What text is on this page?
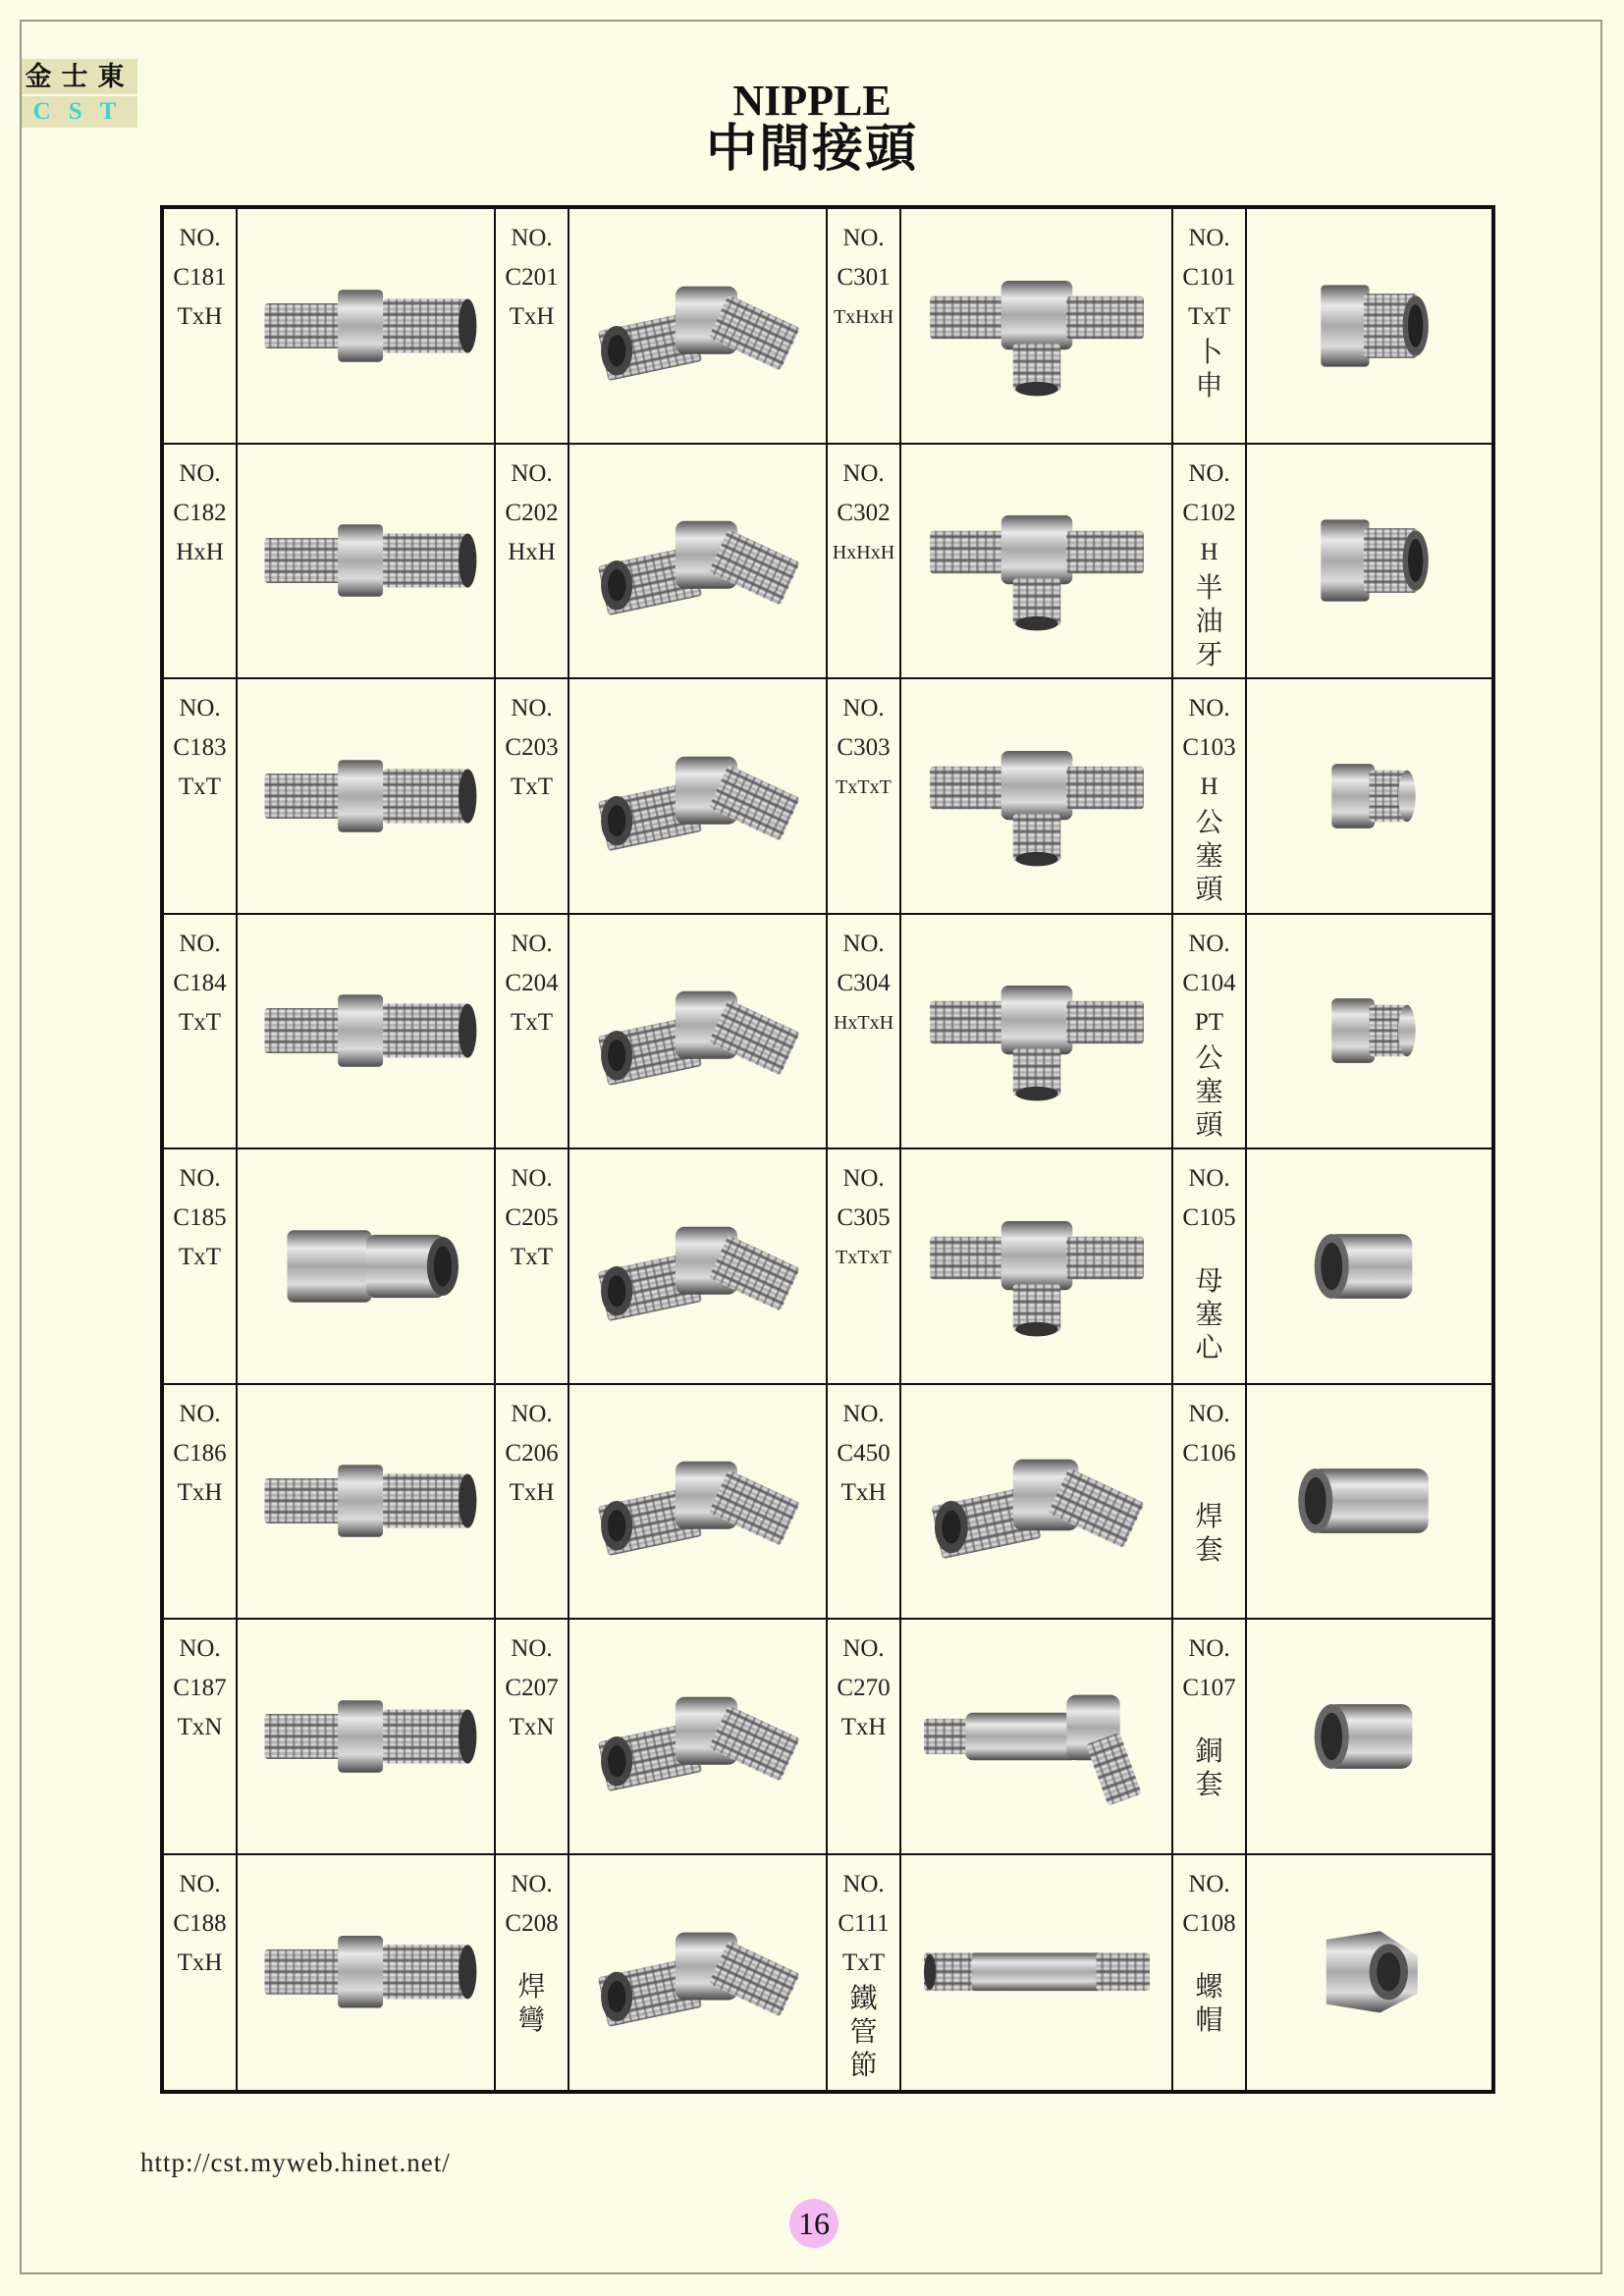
金士東
CST	NIPPLE
中間接頭
NO.
C181
TxH
NO.
C201
TxH
NO.
C301
TxHxH
NO.
C101
TxT
卜
申
NO.
C182
HxH
NO.
C202
HxH
NO.
C302
HxHxH
NO.
C102
H
半
油
牙
NO.
C183
TxT
NO.
C203
TxT
NO.
C303
TxTxT
NO.
C103
H
公
塞
頭
NO.
C184
TxT
NO.
C204
TxT
NO.
C304
HxTxH
NO.
C104
PT
公
塞
頭
NO.
C185
TxT
NO.
C205
TxT
NO.
C305
TxTxT
NO.
C105
母
塞
心
NO.
C186
TxH
NO.
C206
TxH
NO.
C450
TxH
NO.
C106
焊
套
NO.
C187
TxN
NO.
C207
TxN
NO.
C270
TxH
NO.
C107
銅
套
NO.
C188
TxH
NO.
C208
焊
彎
NO.
C111
TxT
鐵
管
節
NO.
C108
螺
帽
http://cst.myweb.hinet.net/
16
